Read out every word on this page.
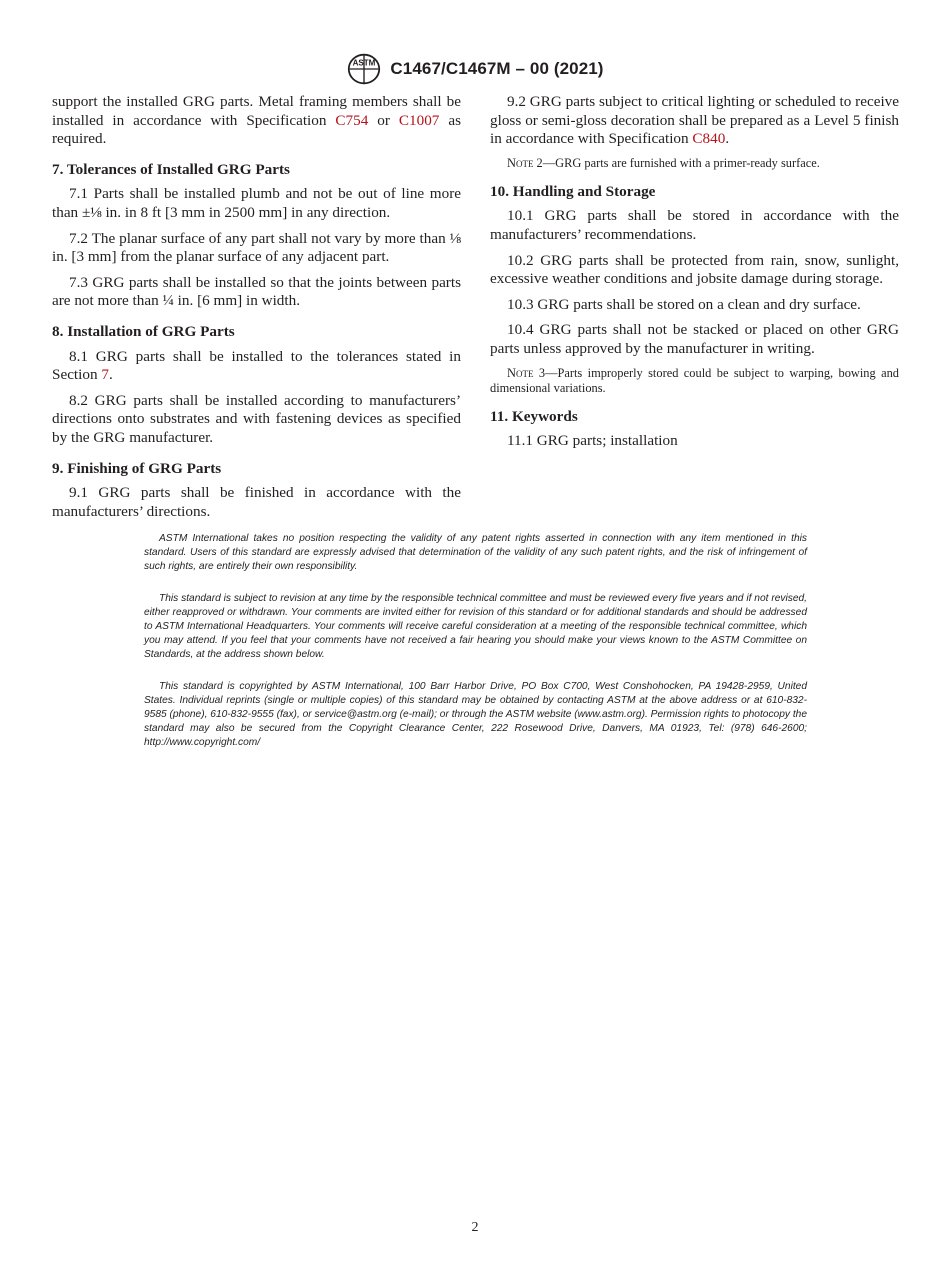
ASTM C1467/C1467M – 00 (2021)

support the installed GRG parts. Metal framing members shall be installed in accordance with Specification C754 or C1007 as required.

7. Tolerances of Installed GRG Parts

7.1 Parts shall be installed plumb and not be out of line more than ±⅛ in. in 8 ft [3 mm in 2500 mm] in any direction.

7.2 The planar surface of any part shall not vary by more than ⅛ in. [3 mm] from the planar surface of any adjacent part.

7.3 GRG parts shall be installed so that the joints between parts are not more than ¼ in. [6 mm] in width.

8. Installation of GRG Parts

8.1 GRG parts shall be installed to the tolerances stated in Section 7.

8.2 GRG parts shall be installed according to manufacturers’ directions onto substrates and with fastening devices as specified by the GRG manufacturer.

9. Finishing of GRG Parts

9.1 GRG parts shall be finished in accordance with the manufacturers’ directions.

9.2 GRG parts subject to critical lighting or scheduled to receive gloss or semi-gloss decoration shall be prepared as a Level 5 finish in accordance with Specification C840.

Note 2—GRG parts are furnished with a primer-ready surface.

10. Handling and Storage

10.1 GRG parts shall be stored in accordance with the manufacturers’ recommendations.

10.2 GRG parts shall be protected from rain, snow, sunlight, excessive weather conditions and jobsite damage during storage.

10.3 GRG parts shall be stored on a clean and dry surface.

10.4 GRG parts shall not be stacked or placed on other GRG parts unless approved by the manufacturer in writing.

Note 3—Parts improperly stored could be subject to warping, bowing and dimensional variations.

11. Keywords

11.1 GRG parts; installation

ASTM International takes no position respecting the validity of any patent rights asserted in connection with any item mentioned in this standard. Users of this standard are expressly advised that determination of the validity of any such patent rights, and the risk of infringement of such rights, are entirely their own responsibility.

This standard is subject to revision at any time by the responsible technical committee and must be reviewed every five years and if not revised, either reapproved or withdrawn. Your comments are invited either for revision of this standard or for additional standards and should be addressed to ASTM International Headquarters. Your comments will receive careful consideration at a meeting of the responsible technical committee, which you may attend. If you feel that your comments have not received a fair hearing you should make your views known to the ASTM Committee on Standards, at the address shown below.

This standard is copyrighted by ASTM International, 100 Barr Harbor Drive, PO Box C700, West Conshohocken, PA 19428-2959, United States. Individual reprints (single or multiple copies) of this standard may be obtained by contacting ASTM at the above address or at 610-832-9585 (phone), 610-832-9555 (fax), or service@astm.org (e-mail); or through the ASTM website (www.astm.org). Permission rights to photocopy the standard may also be secured from the Copyright Clearance Center, 222 Rosewood Drive, Danvers, MA 01923, Tel: (978) 646-2600; http://www.copyright.com/

2
